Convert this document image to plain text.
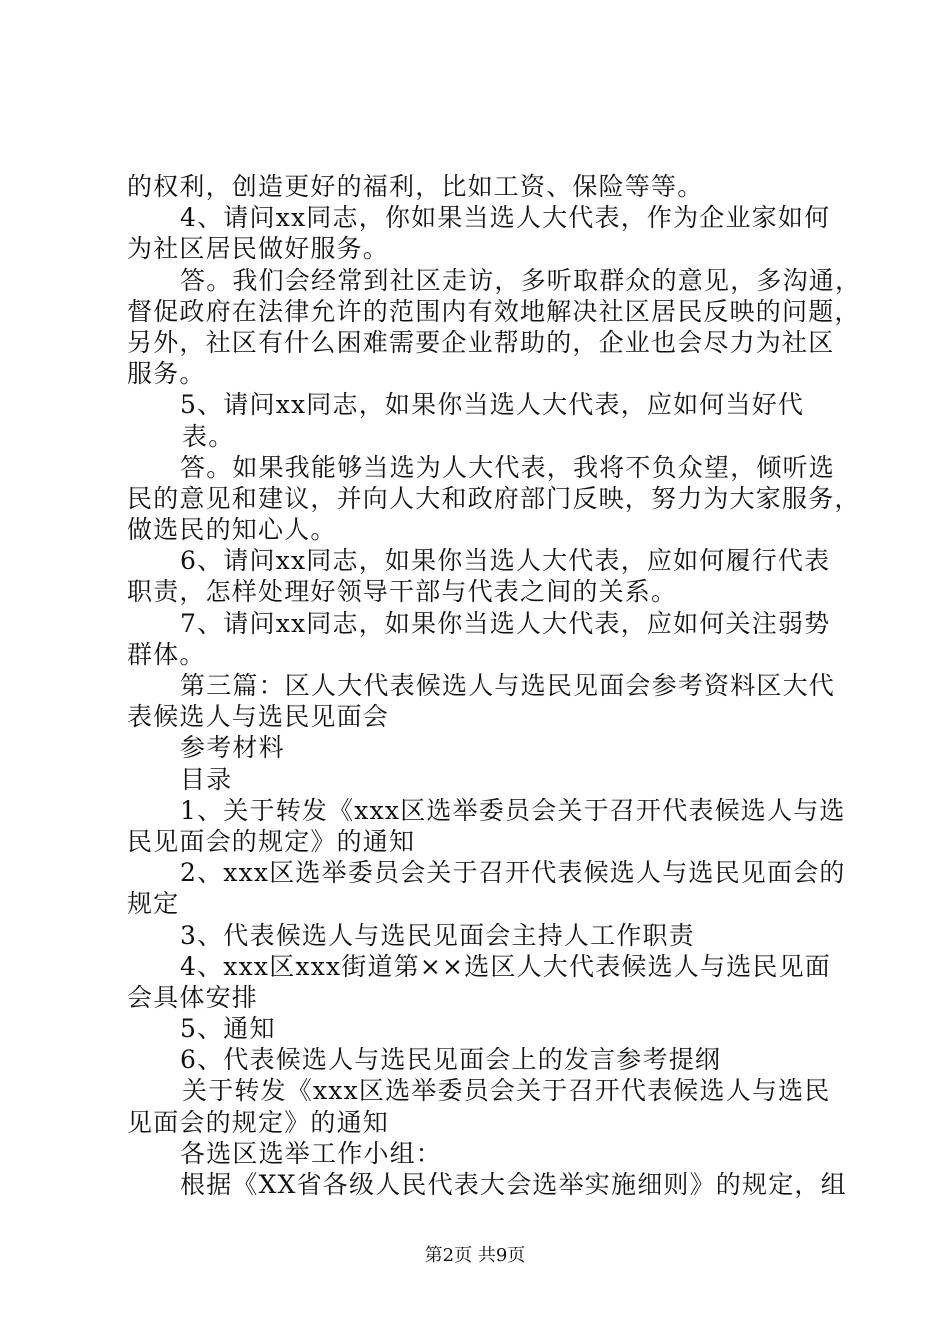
的权利，创造更好的福利，比如工资、保险等等。
4、请问xx同志，你如果当选人大代表，作为企业家如何
为社区居民做好服务。
答。我们会经常到社区走访，多听取群众的意见，多沟通，
督促政府在法律允许的范围内有效地解决社区居民反映的问题，
另外，社区有什么困难需要企业帮助的，企业也会尽力为社区
服务。
5、请问xx同志，如果你当选人大代表，应如何当好代
表。
答。如果我能够当选为人大代表，我将不负众望，倾听选
民的意见和建议，并向人大和政府部门反映，努力为大家服务，
做选民的知心人。
6、请问xx同志，如果你当选人大代表，应如何履行代表
职责，怎样处理好领导干部与代表之间的关系。
7、请问xx同志，如果你当选人大代表，应如何关注弱势
群体。
第三篇：区人大代表候选人与选民见面会参考资料区大代
表候选人与选民见面会
参考材料
目录
1、关于转发《xxx区选举委员会关于召开代表候选人与选
民见面会的规定》的通知
2、xxx区选举委员会关于召开代表候选人与选民见面会的
规定
3、代表候选人与选民见面会主持人工作职责
4、xxx区xxx街道第××选区人大代表候选人与选民见面
会具体安排
5、通知
6、代表候选人与选民见面会上的发言参考提纲
关于转发《xxx区选举委员会关于召开代表候选人与选民
见面会的规定》的通知
各选区选举工作小组：
根据《XX省各级人民代表大会选举实施细则》的规定，组
第2页 共9页
